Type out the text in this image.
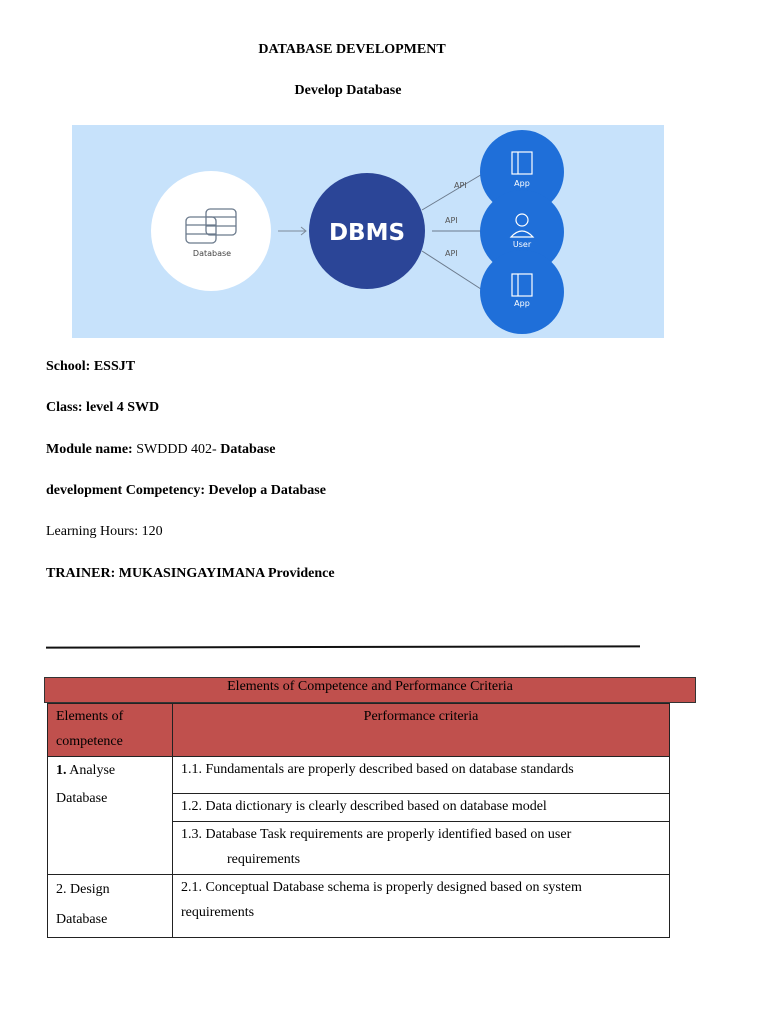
DATABASE DEVELOPMENT
Develop Database
Database
API
API
API
DBMS
App
User
App
School: ESSJT
Class: level 4 SWD
Module name: SWDDD 402- Database
development Competency: Develop a Database
Learning Hours: 120
TRAINER: MUKASINGAYIMANA Providence
Elements of Competence and Performance Criteria
Elements of
competence	Performance criteria

1. Analyse
Database	1.1. Fundamentals are properly described based on database standards
	1.2. Data dictionary is clearly described based on database model

	1.3. Database Task requirements are properly identified based on user
requirements

2. Design
Database	2.1. Conceptual Database schema is properly designed based on system
requirements
